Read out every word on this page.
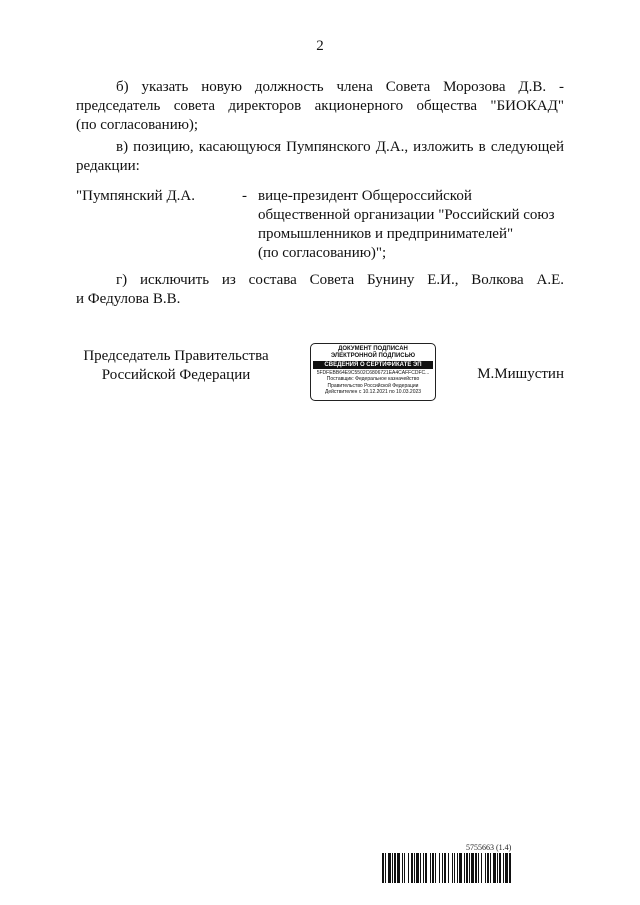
2
б) указать новую должность члена Совета Морозова Д.В. -
председатель совета директоров акционерного общества "БИОКАД"
(по согласованию);
в) позицию, касающуюся Пумпянского Д.А., изложить в следующей
редакции:
"Пумпянский Д.А.	- вице-президент Общероссийской
общественной организации "Российский союз
промышленников и предпринимателей"
(по согласованию)";
г) исключить из состава Совета Бунину Е.И., Волкова А.Е.
и Федулова В.В.
Председатель Правительства
Российской Федерации
ДОКУМЕНТ ПОДПИСАН
ЭЛЕКТРОННОЙ ПОДПИСЬЮ
СВЕДЕНИЯ О СЕРТИФИКАТЕ ЭП
5FDFEBB64E9C5502C6806721EA4CAFFCDFC...
Поставщик: Федеральное казначейство
Правительство Российской Федерации
Действителен с 10.12.2021 по 10.03.2023
М.Мишустин
5755663 (1.4)
